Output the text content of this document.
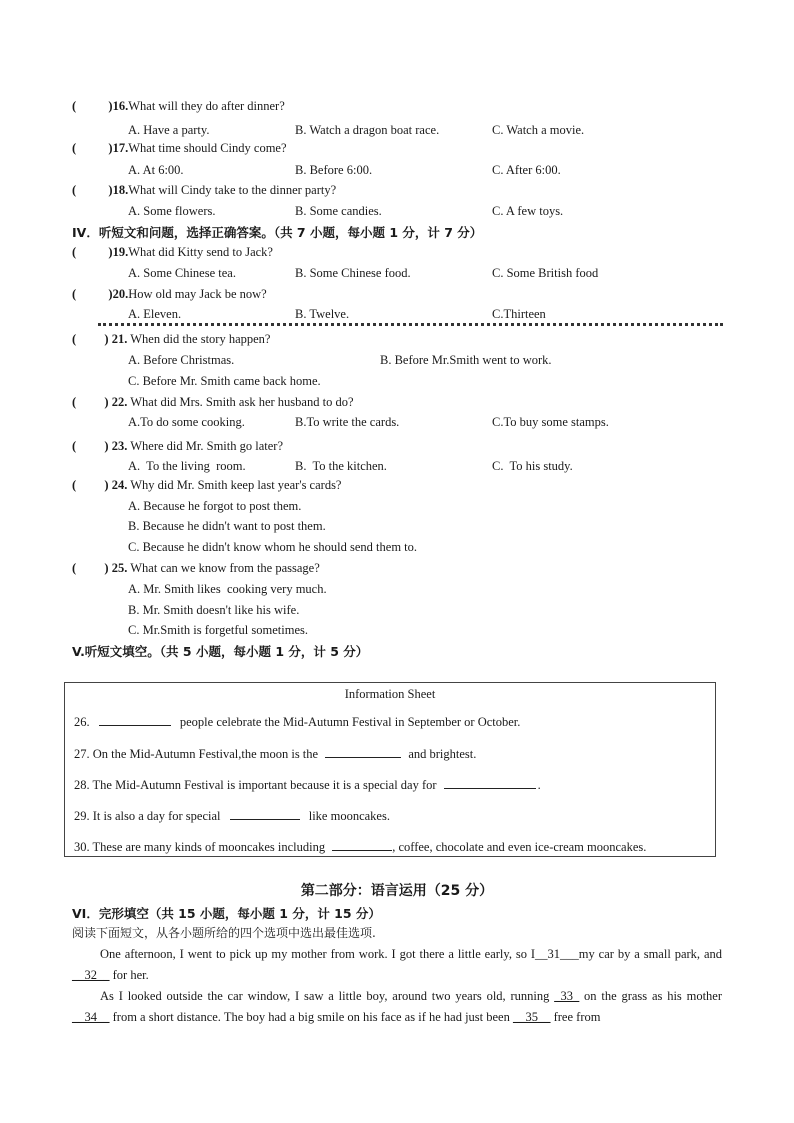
(	)16.What will they do after dinner?
A. Have a party.	B. Watch a dragon boat race.	C. Watch a movie.
(	)17.What time should Cindy come?
A. At 6:00.	B. Before 6:00.	C. After 6:00.
(	)18.What will Cindy take to the dinner party?
A. Some flowers.	B. Some candies.	C. A few toys.
IV．听短文和问题，选择正确答案。（共 7 小题，每小题 1 分，计 7 分）
(	)19.What did Kitty send to Jack?
A. Some Chinese tea.	B. Some Chinese food.	C. Some British food
(	)20.How old may Jack be now?
A. Eleven.	B. Twelve.	C.Thirteen
( ) 21. When did the story happen?
A. Before Christmas.	B. Before Mr.Smith went to work.
C. Before Mr. Smith came back home.
( ) 22. What did Mrs. Smith ask her husband to do?
A.To do some cooking.	B.To write the cards.	C.To buy some stamps.
( ) 23. Where did Mr. Smith go later?
A.  To the living  room.	B.  To the kitchen.	C.  To his study.
( ) 24. Why did Mr. Smith keep last year's cards?
A. Because he forgot to post them.
B. Because he didn't want to post them.
C. Because he didn't know whom he should send them to.
( ) 25. What can we know from the passage?
A. Mr. Smith likes  cooking very much.
B. Mr. Smith doesn't like his wife.
C. Mr.Smith is forgetful sometimes.
V.听短文填空。（共 5 小题，每小题 1 分，计 5 分）
Information Sheet
26.	people celebrate the Mid-Autumn Festival in September or October.
27. On the Mid-Autumn Festival,the moon is the	and brightest.
28. The Mid-Autumn Festival is important because it is a special day for	.
29. It is also a day for special	like mooncakes.
30. These are many kinds of mooncakes including	, coffee, chocolate and even ice-cream mooncakes.
第二部分：语言运用（25 分）
VI．完形填空（共 15 小题，每小题 1 分，计 15 分）
阅读下面短文，从各小题所给的四个选项中选出最佳选项.
One afternoon, I went to pick up my mother from work. I got there a little early, so I__31___my car by a small park, and __32__ for her.
As I looked outside the car window, I saw a little boy, around two years old, running _33_ on the grass as his mother __34__ from a short distance. The boy had a big smile on his face as if he had just been __35__ free from
